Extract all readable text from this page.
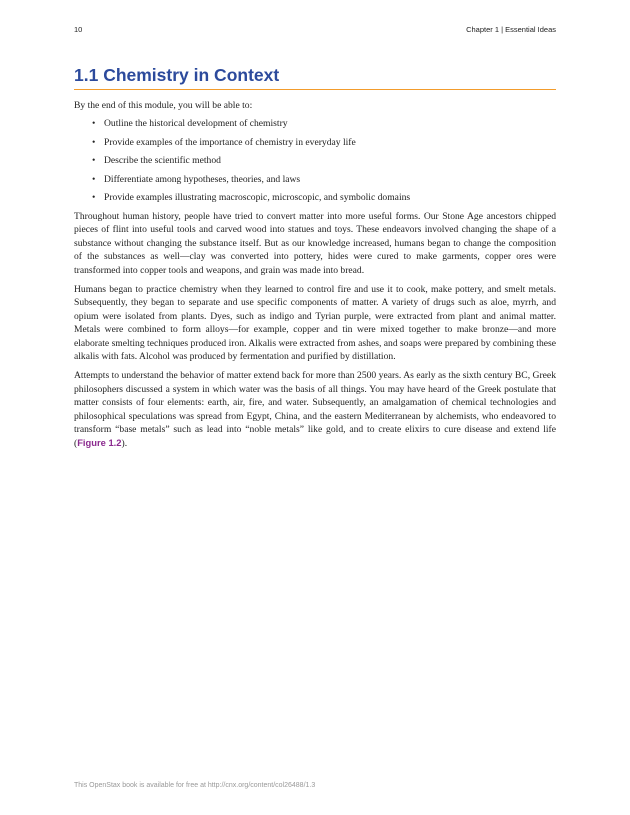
10	Chapter 1 | Essential Ideas
1.1 Chemistry in Context
By the end of this module, you will be able to:
• Outline the historical development of chemistry
• Provide examples of the importance of chemistry in everyday life
• Describe the scientific method
• Differentiate among hypotheses, theories, and laws
• Provide examples illustrating macroscopic, microscopic, and symbolic domains

Throughout human history, people have tried to convert matter into more useful forms. Our Stone Age ancestors chipped pieces of flint into useful tools and carved wood into statues and toys. These endeavors involved changing the shape of a substance without changing the substance itself. But as our knowledge increased, humans began to change the composition of the substances as well—clay was converted into pottery, hides were cured to make garments, copper ores were transformed into copper tools and weapons, and grain was made into bread.

Humans began to practice chemistry when they learned to control fire and use it to cook, make pottery, and smelt metals. Subsequently, they began to separate and use specific components of matter. A variety of drugs such as aloe, myrrh, and opium were isolated from plants. Dyes, such as indigo and Tyrian purple, were extracted from plant and animal matter. Metals were combined to form alloys—for example, copper and tin were mixed together to make bronze—and more elaborate smelting techniques produced iron. Alkalis were extracted from ashes, and soaps were prepared by combining these alkalis with fats. Alcohol was produced by fermentation and purified by distillation.

Attempts to understand the behavior of matter extend back for more than 2500 years. As early as the sixth century BC, Greek philosophers discussed a system in which water was the basis of all things. You may have heard of the Greek postulate that matter consists of four elements: earth, air, fire, and water. Subsequently, an amalgamation of chemical technologies and philosophical speculations was spread from Egypt, China, and the eastern Mediterranean by alchemists, who endeavored to transform “base metals” such as lead into “noble metals” like gold, and to create elixirs to cure disease and extend life (Figure 1.2).

This OpenStax book is available for free at http://cnx.org/content/col26488/1.3
